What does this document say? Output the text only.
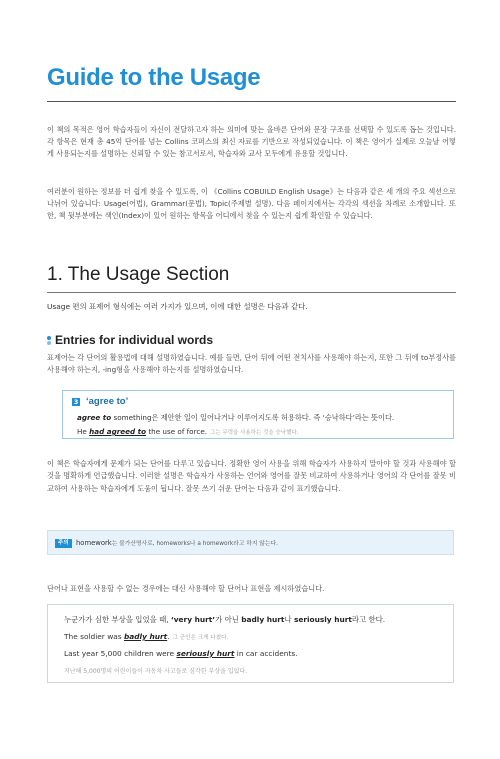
Guide to the Usage

이 책의 목적은 영어 학습자들이 자신이 전달하고자 하는 의미에 맞는 올바른 단어와 문장 구조를 선택할 수 있도록 돕는 것입니다. 각 항목은 현재 총 45억 단어를 넘는 Collins 코퍼스의 최신 자료를 기반으로 작성되었습니다. 이 책은 영어가 실제로 오늘날 어떻게 사용되는지를 설명하는 신뢰할 수 있는 참고서로서, 학습자와 교사 모두에게 유용할 것입니다.

여러분이 원하는 정보를 더 쉽게 찾을 수 있도록, 이 《Collins COBUILD English Usage》는 다음과 같은 세 개의 주요 섹션으로 나뉘어 있습니다: Usage(어법), Grammar(문법), Topic(주제별 설명). 다음 페이지에서는 각각의 섹션을 차례로 소개합니다. 또한, 책 뒷부분에는 색인(Index)이 있어 원하는 항목을 어디에서 찾을 수 있는지 쉽게 확인할 수 있습니다.

1. The Usage Section
Usage 편의 표제어 형식에는 여러 가지가 있으며, 이에 대한 설명은 다음과 같다.
Entries for individual words

표제어는 각 단어의 활용법에 대해 설명하였습니다. 예를 들면, 단어 뒤에 어떤 전치사를 사용해야 하는지, 또한 그 뒤에 to부정사를 사용해야 하는지, -ing형을 사용해야 하는지를 설명하였습니다.

3 ‘agree to’
agree to something은 제안한 일이 일어나거나 이루어지도록 허용하다. 즉 ‘승낙하다’라는 뜻이다.
He had agreed to the use of force. 그는 무력을 사용하는 것을 승낙했다.

이 책은 학습자에게 문제가 되는 단어를 다루고 있습니다. 정확한 영어 사용을 위해 학습자가 사용하지 말아야 할 것과 사용해야 할 것을 명확하게 언급했습니다. 이러한 설명은 학습자가 사용하는 언어와 영어를 잘못 비교하여 사용하거나 영어의 각 단어를 잘못 비교하여 사용하는 학습자에게 도움이 됩니다. 잘못 쓰기 쉬운 단어는 다음과 같이 표기했습니다.

주의	homework는 불가산명사로, homeworks나 a homework라고 하지 않는다.

단어나 표현을 사용할 수 없는 경우에는 대신 사용해야 할 단어나 표현을 제시하였습니다.

누군가가 심한 부상을 입었을 때, ‘very hurt’가 아닌 badly hurt나 seriously hurt라고 한다.
The soldier was badly hurt. 그 군인은 크게 다쳤다.
Last year 5,000 children were seriously hurt in car accidents.
지난해 5,000명의 어린이들이 자동차 사고들로 심각한 부상을 입었다.
